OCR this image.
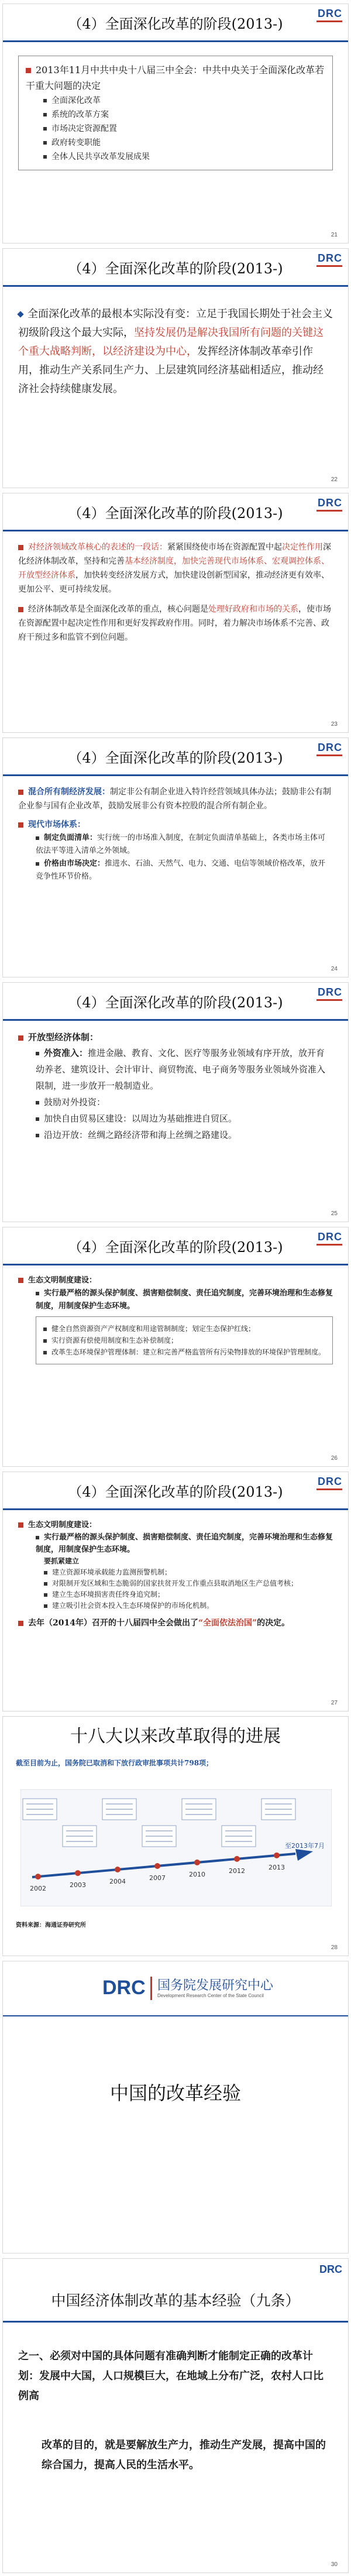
（4）全面深化改革的阶段(2013-)
DRC

2013年11月中共中央十八届三中全会：中共中央关于全面深化改革若干重大问题的决定

全面深化改革

系统的改革方案

市场决定资源配置

政府转变职能

全体人民共享改革发展成果

21
（4）全面深化改革的阶段(2013-)
DRC

全面深化改革的最根本实际没有变：立足于我国长期处于社会主义初级阶段这个最大实际，坚持发展仍是解决我国所有问题的关键这个重大战略判断，以经济建设为中心，发挥经济体制改革牵引作用，推动生产关系同生产力、上层建筑同经济基础相适应，推动经济社会持续健康发展。

22
（4）全面深化改革的阶段(2013-)
DRC

对经济领域改革核心的表述的一段话：紧紧围绕使市场在资源配置中起决定性作用深化经济体制改革，坚持和完善基本经济制度，加快完善现代市场体系、宏观调控体系、开放型经济体系，加快转变经济发展方式，加快建设创新型国家，推动经济更有效率、更加公平、更可持续发展。

经济体制改革是全面深化改革的重点，核心问题是处理好政府和市场的关系，使市场在资源配置中起决定性作用和更好发挥政府作用。同时，着力解决市场体系不完善、政府干预过多和监管不到位问题。

23
（4）全面深化改革的阶段(2013-)
DRC

混合所有制经济发展：制定非公有制企业进入特许经营领域具体办法；鼓励非公有制企业参与国有企业改革，鼓励发展非公有资本控股的混合所有制企业。

现代市场体系：

制定负面清单：实行统一的市场准入制度，在制定负面清单基础上，各类市场主体可依法平等进入清单之外领域。

价格由市场决定：推进水、石油、天然气、电力、交通、电信等领域价格改革，放开竞争性环节价格。

24
（4）全面深化改革的阶段(2013-)
DRC

开放型经济体制：

外资准入：推进金融、教育、文化、医疗等服务业领域有序开放，放开育幼养老、建筑设计、会计审计、商贸物流、电子商务等服务业领域外资准入限制，进一步放开一般制造业。

鼓励对外投资：

加快自由贸易区建设：以周边为基础推进自贸区。

沿边开放：丝绸之路经济带和海上丝绸之路建设。

25
（4）全面深化改革的阶段(2013-)
DRC

生态文明制度建设：

实行最严格的源头保护制度、损害赔偿制度、责任追究制度，完善环境治理和生态修复制度，用制度保护生态环境。

健全自然资源资产产权制度和用途管制制度；划定生态保护红线；

实行资源有偿使用制度和生态补偿制度；

改革生态环境保护管理体制：建立和完善严格监管所有污染物排放的环境保护管理制度。

26
（4）全面深化改革的阶段(2013-)
DRC

生态文明制度建设：

实行最严格的源头保护制度、损害赔偿制度、责任追究制度，完善环境治理和生态修复制度，用制度保护生态环境。

要抓紧建立

建立资源环境承载能力监测预警机制；

对限制开发区域和生态脆弱的国家扶贫开发工作重点县取消地区生产总值考核；

建立生态环境损害责任终身追究制；

建立吸引社会资本投入生态环境保护的市场化机制。

去年（2014年）召开的十八届四中全会做出了“全面依法治国”的决定。

27
十八大以来改革取得的进展

截至目前为止，国务院已取消和下放行政审批事项共计798项；

2002	2003	2004	2007	2010	2012	2013
至2013年7月
资料来源：海通证券研究所
28
DRC 国务院发展研究中心
Development Research Center of the State Council
中国的改革经验
DRC
中国经济体制改革的基本经验（九条）

之一、必须对中国的具体问题有准确判断才能制定正确的改革计划：发展中大国，人口规模巨大，在地域上分布广泛，农村人口比例高

改革的目的，就是要解放生产力，推动生产发展，提高中国的综合国力，提高人民的生活水平。

30
